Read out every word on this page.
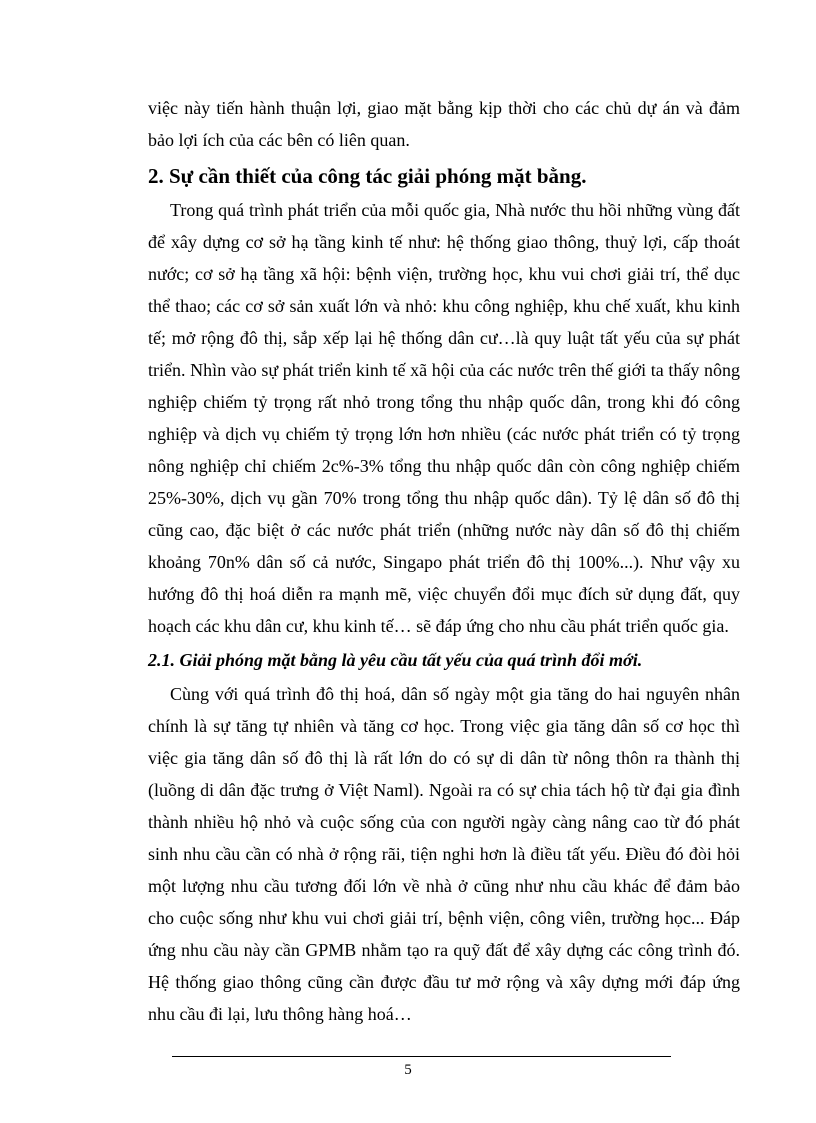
việc này tiến hành thuận lợi, giao mặt bằng kịp thời cho các chủ dự án và đảm bảo lợi ích của các bên có liên quan.

2. Sự cần thiết của công tác giải phóng mặt bằng.

Trong quá trình phát triển của mỗi quốc gia, Nhà nước thu hồi những vùng đất để xây dựng cơ sở hạ tầng kinh tế như: hệ thống giao thông, thuỷ lợi, cấp thoát nước; cơ sở hạ tầng xã hội: bệnh viện, trường học, khu vui chơi giải trí, thể dục thể thao; các cơ sở sản xuất lớn và nhỏ: khu công nghiệp, khu chế xuất, khu kinh tế; mở rộng đô thị, sắp xếp lại hệ thống dân cư…là quy luật tất yếu của sự phát triển. Nhìn vào sự phát triển kinh tế xã hội của các nước trên thế giới ta thấy nông nghiệp chiếm tỷ trọng rất nhỏ trong tổng thu nhập quốc dân, trong khi đó công nghiệp và dịch vụ chiếm tỷ trọng lớn hơn nhiều (các nước phát triển có tỷ trọng nông nghiệp chỉ chiếm 2c%-3% tổng thu nhập quốc dân còn công nghiệp chiếm 25%-30%, dịch vụ gần 70% trong tổng thu nhập quốc dân). Tỷ lệ dân số đô thị cũng cao, đặc biệt ở các nước phát triển (những nước này dân số đô thị chiếm khoảng 70n% dân số cả nước, Singapo phát triển đô thị 100%...). Như vậy xu hướng đô thị hoá diễn ra mạnh mẽ, việc chuyển đổi mục đích sử dụng đất, quy hoạch các khu dân cư, khu kinh tế… sẽ đáp ứng cho nhu cầu phát triển quốc gia.

2.1. Giải phóng mặt bằng là yêu cầu tất yếu của quá trình đổi mới.

Cùng với quá trình đô thị hoá, dân số ngày một gia tăng do hai nguyên nhân chính là sự tăng tự nhiên và tăng cơ học. Trong việc gia tăng dân số cơ học thì việc gia tăng dân số đô thị là rất lớn do có sự di dân từ nông thôn ra thành thị (luồng di dân đặc trưng ở Việt Naml). Ngoài ra có sự chia tách hộ từ đại gia đình thành nhiều hộ nhỏ và cuộc sống của con người ngày càng nâng cao từ đó phát sinh nhu cầu cần có nhà ở rộng rãi, tiện nghi hơn là điều tất yếu. Điều đó đòi hỏi một lượng nhu cầu tương đối lớn về nhà ở cũng như nhu cầu khác để đảm bảo cho cuộc sống như khu vui chơi giải trí, bệnh viện, công viên, trường học... Đáp ứng nhu cầu này cần GPMB nhằm tạo ra quỹ đất để xây dựng các công trình đó. Hệ thống giao thông cũng cần được đầu tư mở rộng và xây dựng mới đáp ứng nhu cầu đi lại, lưu thông hàng hoá…

5
